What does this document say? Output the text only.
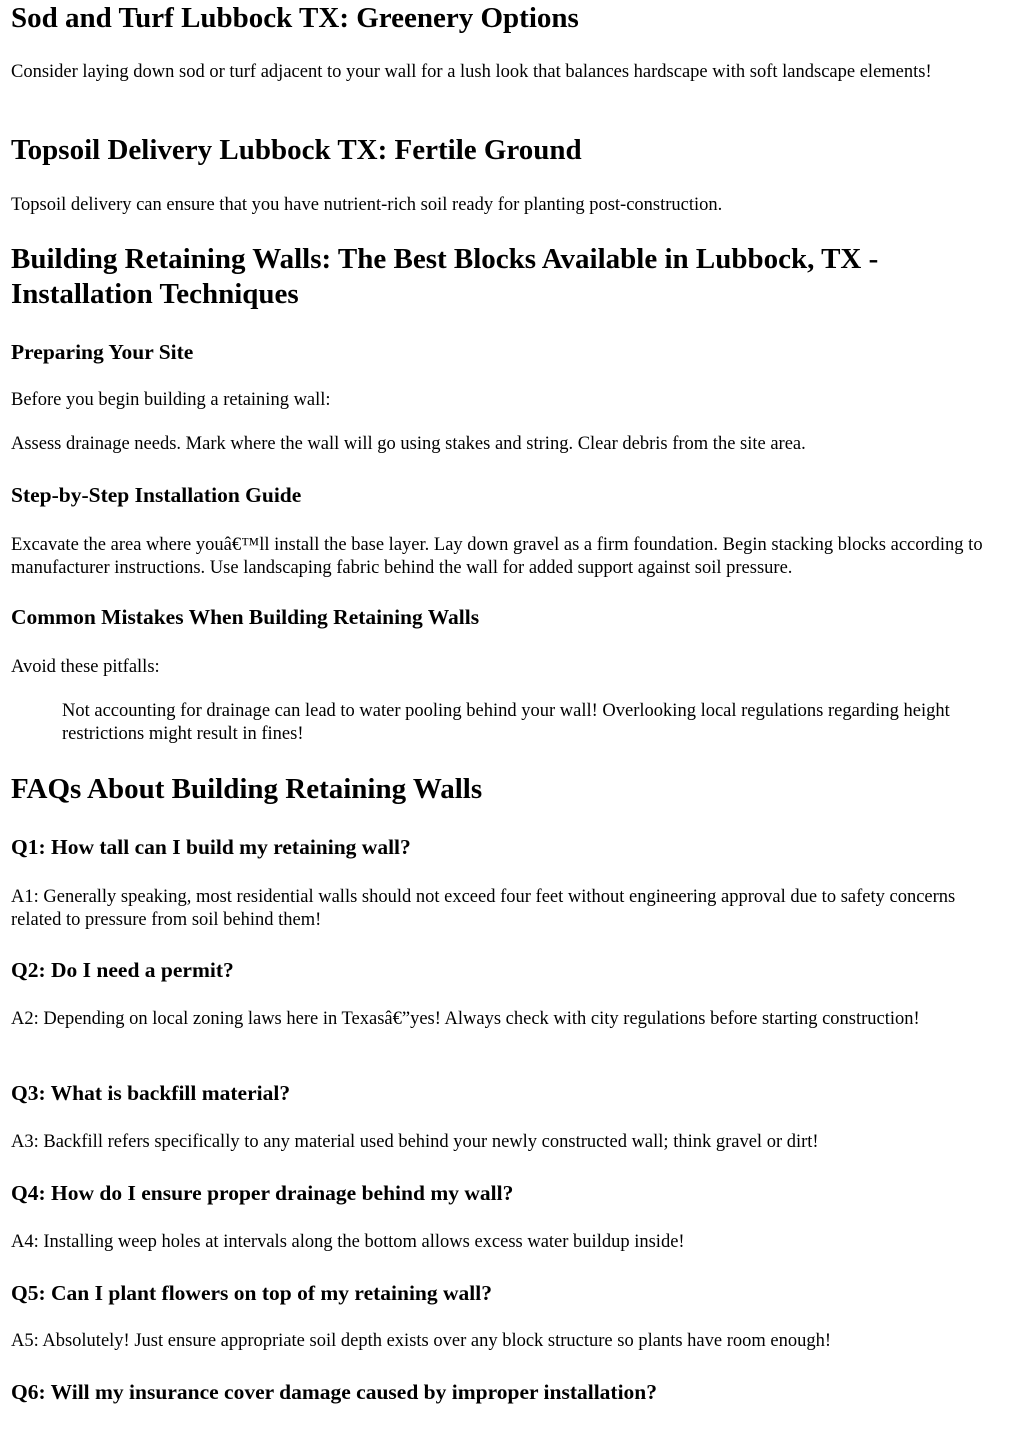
Sod and Turf Lubbock TX: Greenery Options

Consider laying down sod or turf adjacent to your wall for a lush look that balances hardscape with soft landscape elements!

Topsoil Delivery Lubbock TX: Fertile Ground

Topsoil delivery can ensure that you have nutrient-rich soil ready for planting post-construction.

Building Retaining Walls: The Best Blocks Available in Lubbock, TX - Installation Techniques
Preparing Your Site

Before you begin building a retaining wall:

Assess drainage needs. Mark where the wall will go using stakes and string. Clear debris from the site area.

Step-by-Step Installation Guide

Excavate the area where youâ€™ll install the base layer. Lay down gravel as a firm foundation. Begin stacking blocks according to manufacturer instructions. Use landscaping fabric behind the wall for added support against soil pressure.

Common Mistakes When Building Retaining Walls

Avoid these pitfalls:

Not accounting for drainage can lead to water pooling behind your wall! Overlooking local regulations regarding height restrictions might result in fines!
FAQs About Building Retaining Walls
Q1: How tall can I build my retaining wall?

A1: Generally speaking, most residential walls should not exceed four feet without engineering approval due to safety concerns related to pressure from soil behind them!

Q2: Do I need a permit?

A2: Depending on local zoning laws here in Texasâ€”yes! Always check with city regulations before starting construction!

Q3: What is backfill material?

A3: Backfill refers specifically to any material used behind your newly constructed wall; think gravel or dirt!

Q4: How do I ensure proper drainage behind my wall?

A4: Installing weep holes at intervals along the bottom allows excess water buildup inside!

Q5: Can I plant flowers on top of my retaining wall?

A5: Absolutely! Just ensure appropriate soil depth exists over any block structure so plants have room enough!

Q6: Will my insurance cover damage caused by improper installation?
